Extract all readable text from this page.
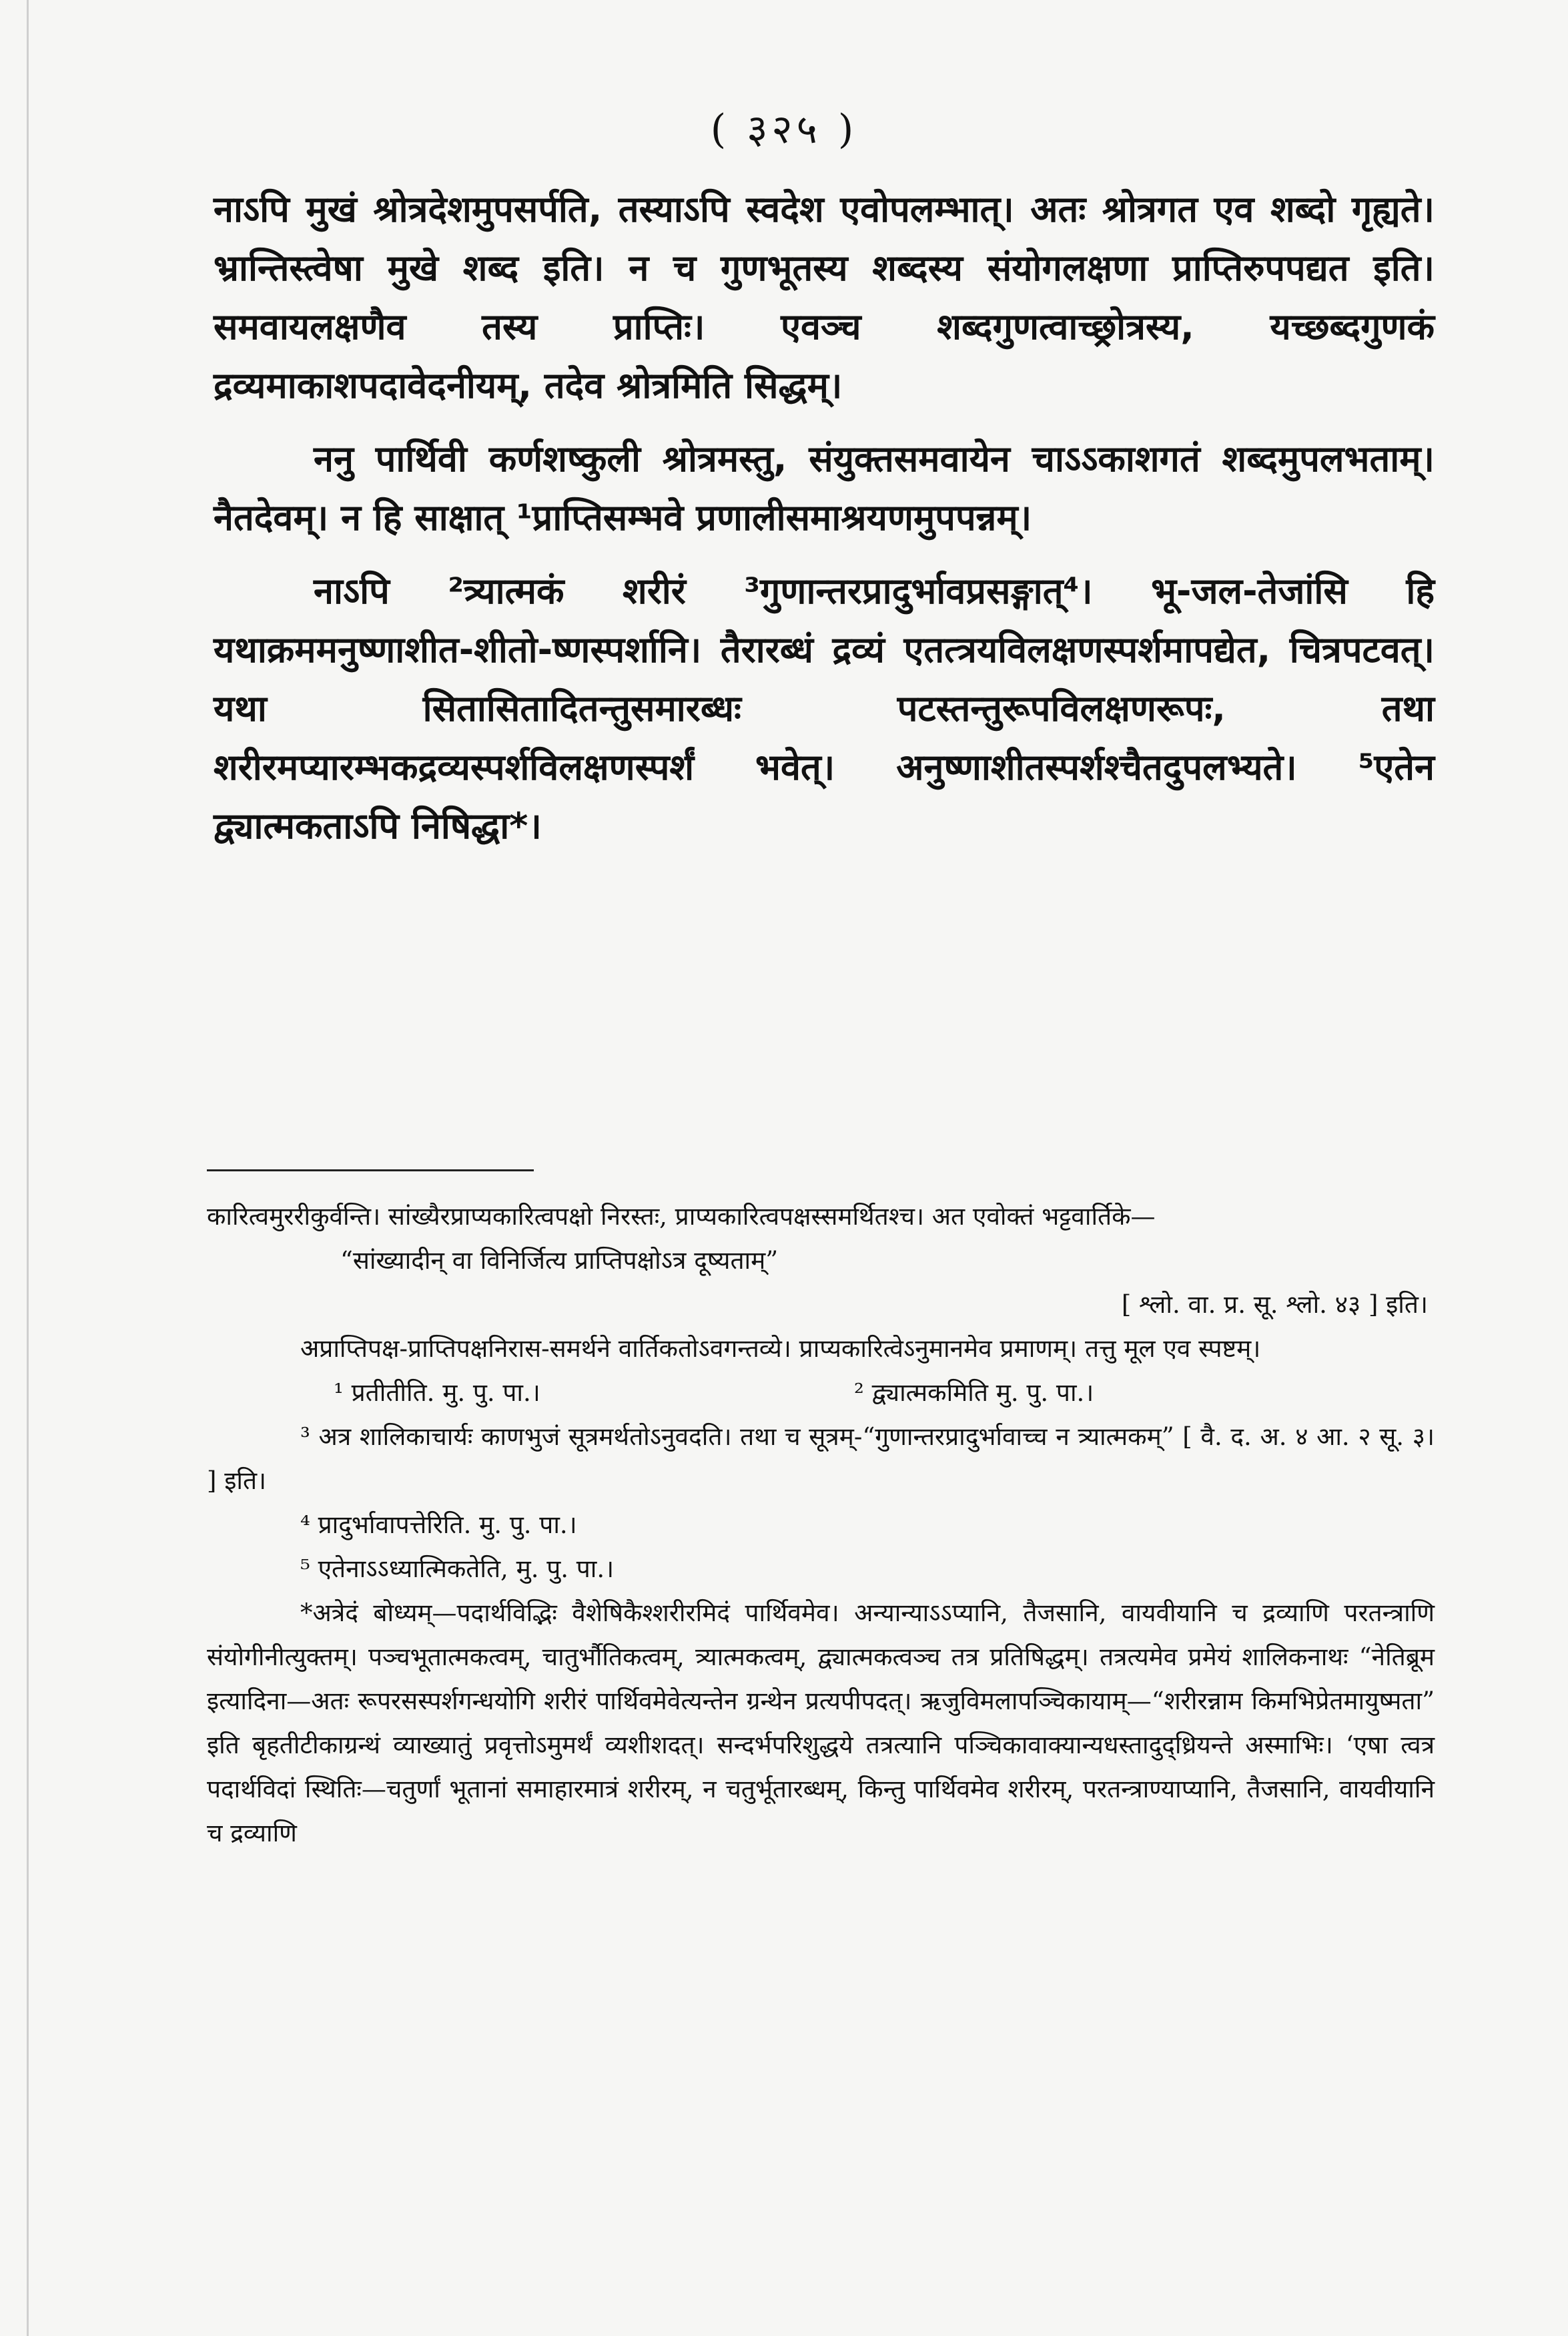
( ३२५ )

नाऽपि मुखं श्रोत्रदेशमुपसर्पति, तस्याऽपि स्वदेश एवोपलम्भात्। अतः श्रोत्रगत एव शब्दो गृह्यते। भ्रान्तिस्त्वेषा मुखे शब्द इति। न च गुणभूतस्य शब्दस्य संयोगलक्षणा प्राप्तिरुपपद्यत इति। समवायलक्षणैव तस्य प्राप्तिः। एवञ्च शब्दगुणत्वाच्छ्रोत्रस्य, यच्छब्दगुणकं द्रव्यमाकाशपदावेदनीयम्, तदेव श्रोत्रमिति सिद्धम्।

ननु पार्थिवी कर्णशष्कुली श्रोत्रमस्तु, संयुक्तसमवायेन चाऽऽकाशगतं शब्दमुपलभताम्। नैतदेवम्। न हि साक्षात् ¹प्राप्तिसम्भवे प्रणालीसमाश्रयणमुपपन्नम्।

नाऽपि ²त्र्यात्मकं शरीरं ³गुणान्तरप्रादुर्भावप्रसङ्गात्⁴। भू-जल-तेजांसि हि यथाक्रममनुष्णाशीत-शीतो-ष्णस्पर्शानि। तैरारब्धं द्रव्यं एतत्त्रयविलक्षणस्पर्शमापद्येत, चित्रपटवत्। यथा सितासितादितन्तुसमारब्धः पटस्तन्तुरूपविलक्षणरूपः, तथा शरीरमप्यारम्भकद्रव्यस्पर्शविलक्षणस्पर्शं भवेत्। अनुष्णाशीतस्पर्शश्चैतदुपलभ्यते। ⁵एतेन द्व्यात्मकताऽपि निषिद्धा*।

कारित्वमुररीकुर्वन्ति। सांख्यैरप्राप्यकारित्वपक्षो निरस्तः, प्राप्यकारित्वपक्षस्समर्थितश्च। अत एवोक्तं भट्टवार्तिके—

“सांख्यादीन् वा विनिर्जित्य प्राप्तिपक्षोऽत्र दूष्यताम्”

[ श्लो. वा. प्र. सू. श्लो. ४३ ] इति।

अप्राप्तिपक्ष-प्राप्तिपक्षनिरास-समर्थने वार्तिकतोऽवगन्तव्ये। प्राप्यकारित्वेऽनुमानमेव प्रमाणम्। तत्तु मूल एव स्पष्टम्।

¹ प्रतीतीति. मु. पु. पा.।	² द्व्यात्मकमिति मु. पु. पा.।

³ अत्र शालिकाचार्यः काणभुजं सूत्रमर्थतोऽनुवदति। तथा च सूत्रम्-“गुणान्तरप्रादुर्भावाच्च न त्र्यात्मकम्” [ वै. द. अ. ४ आ. २ सू. ३। ] इति।

⁴ प्रादुर्भावापत्तेरिति. मु. पु. पा.।

⁵ एतेनाऽऽध्यात्मिकतेति, मु. पु. पा.।

*अत्रेदं बोध्यम्—पदार्थविद्भिः वैशेषिकैश्शरीरमिदं पार्थिवमेव। अन्यान्याऽऽप्यानि, तैजसानि, वायवीयानि च द्रव्याणि परतन्त्राणि संयोगीनीत्युक्तम्। पञ्चभूतात्मकत्वम्, चातुर्भौतिकत्वम्, त्र्यात्मकत्वम्, द्व्यात्मकत्वञ्च तत्र प्रतिषिद्धम्। तत्रत्यमेव प्रमेयं शालिकनाथः “नेतिब्रूम इत्यादिना—अतः रूपरसस्पर्शगन्धयोगि शरीरं पार्थिवमेवेत्यन्तेन ग्रन्थेन प्रत्यपीपदत्। ऋजुविमलापञ्चिकायाम्—“शरीरन्नाम किमभिप्रेतमायुष्मता” इति बृहतीटीकाग्रन्थं व्याख्यातुं प्रवृत्तोऽमुमर्थं व्यशीशदत्। सन्दर्भपरिशुद्धये तत्रत्यानि पञ्चिकावाक्यान्यधस्तादुद्ध्रियन्ते अस्माभिः। ‘एषा त्वत्र पदार्थविदां स्थितिः—चतुर्णां भूतानां समाहारमात्रं शरीरम्, न चतुर्भूतारब्धम्, किन्तु पार्थिवमेव शरीरम्, परतन्त्राण्याप्यानि, तैजसानि, वायवीयानि च द्रव्याणि
